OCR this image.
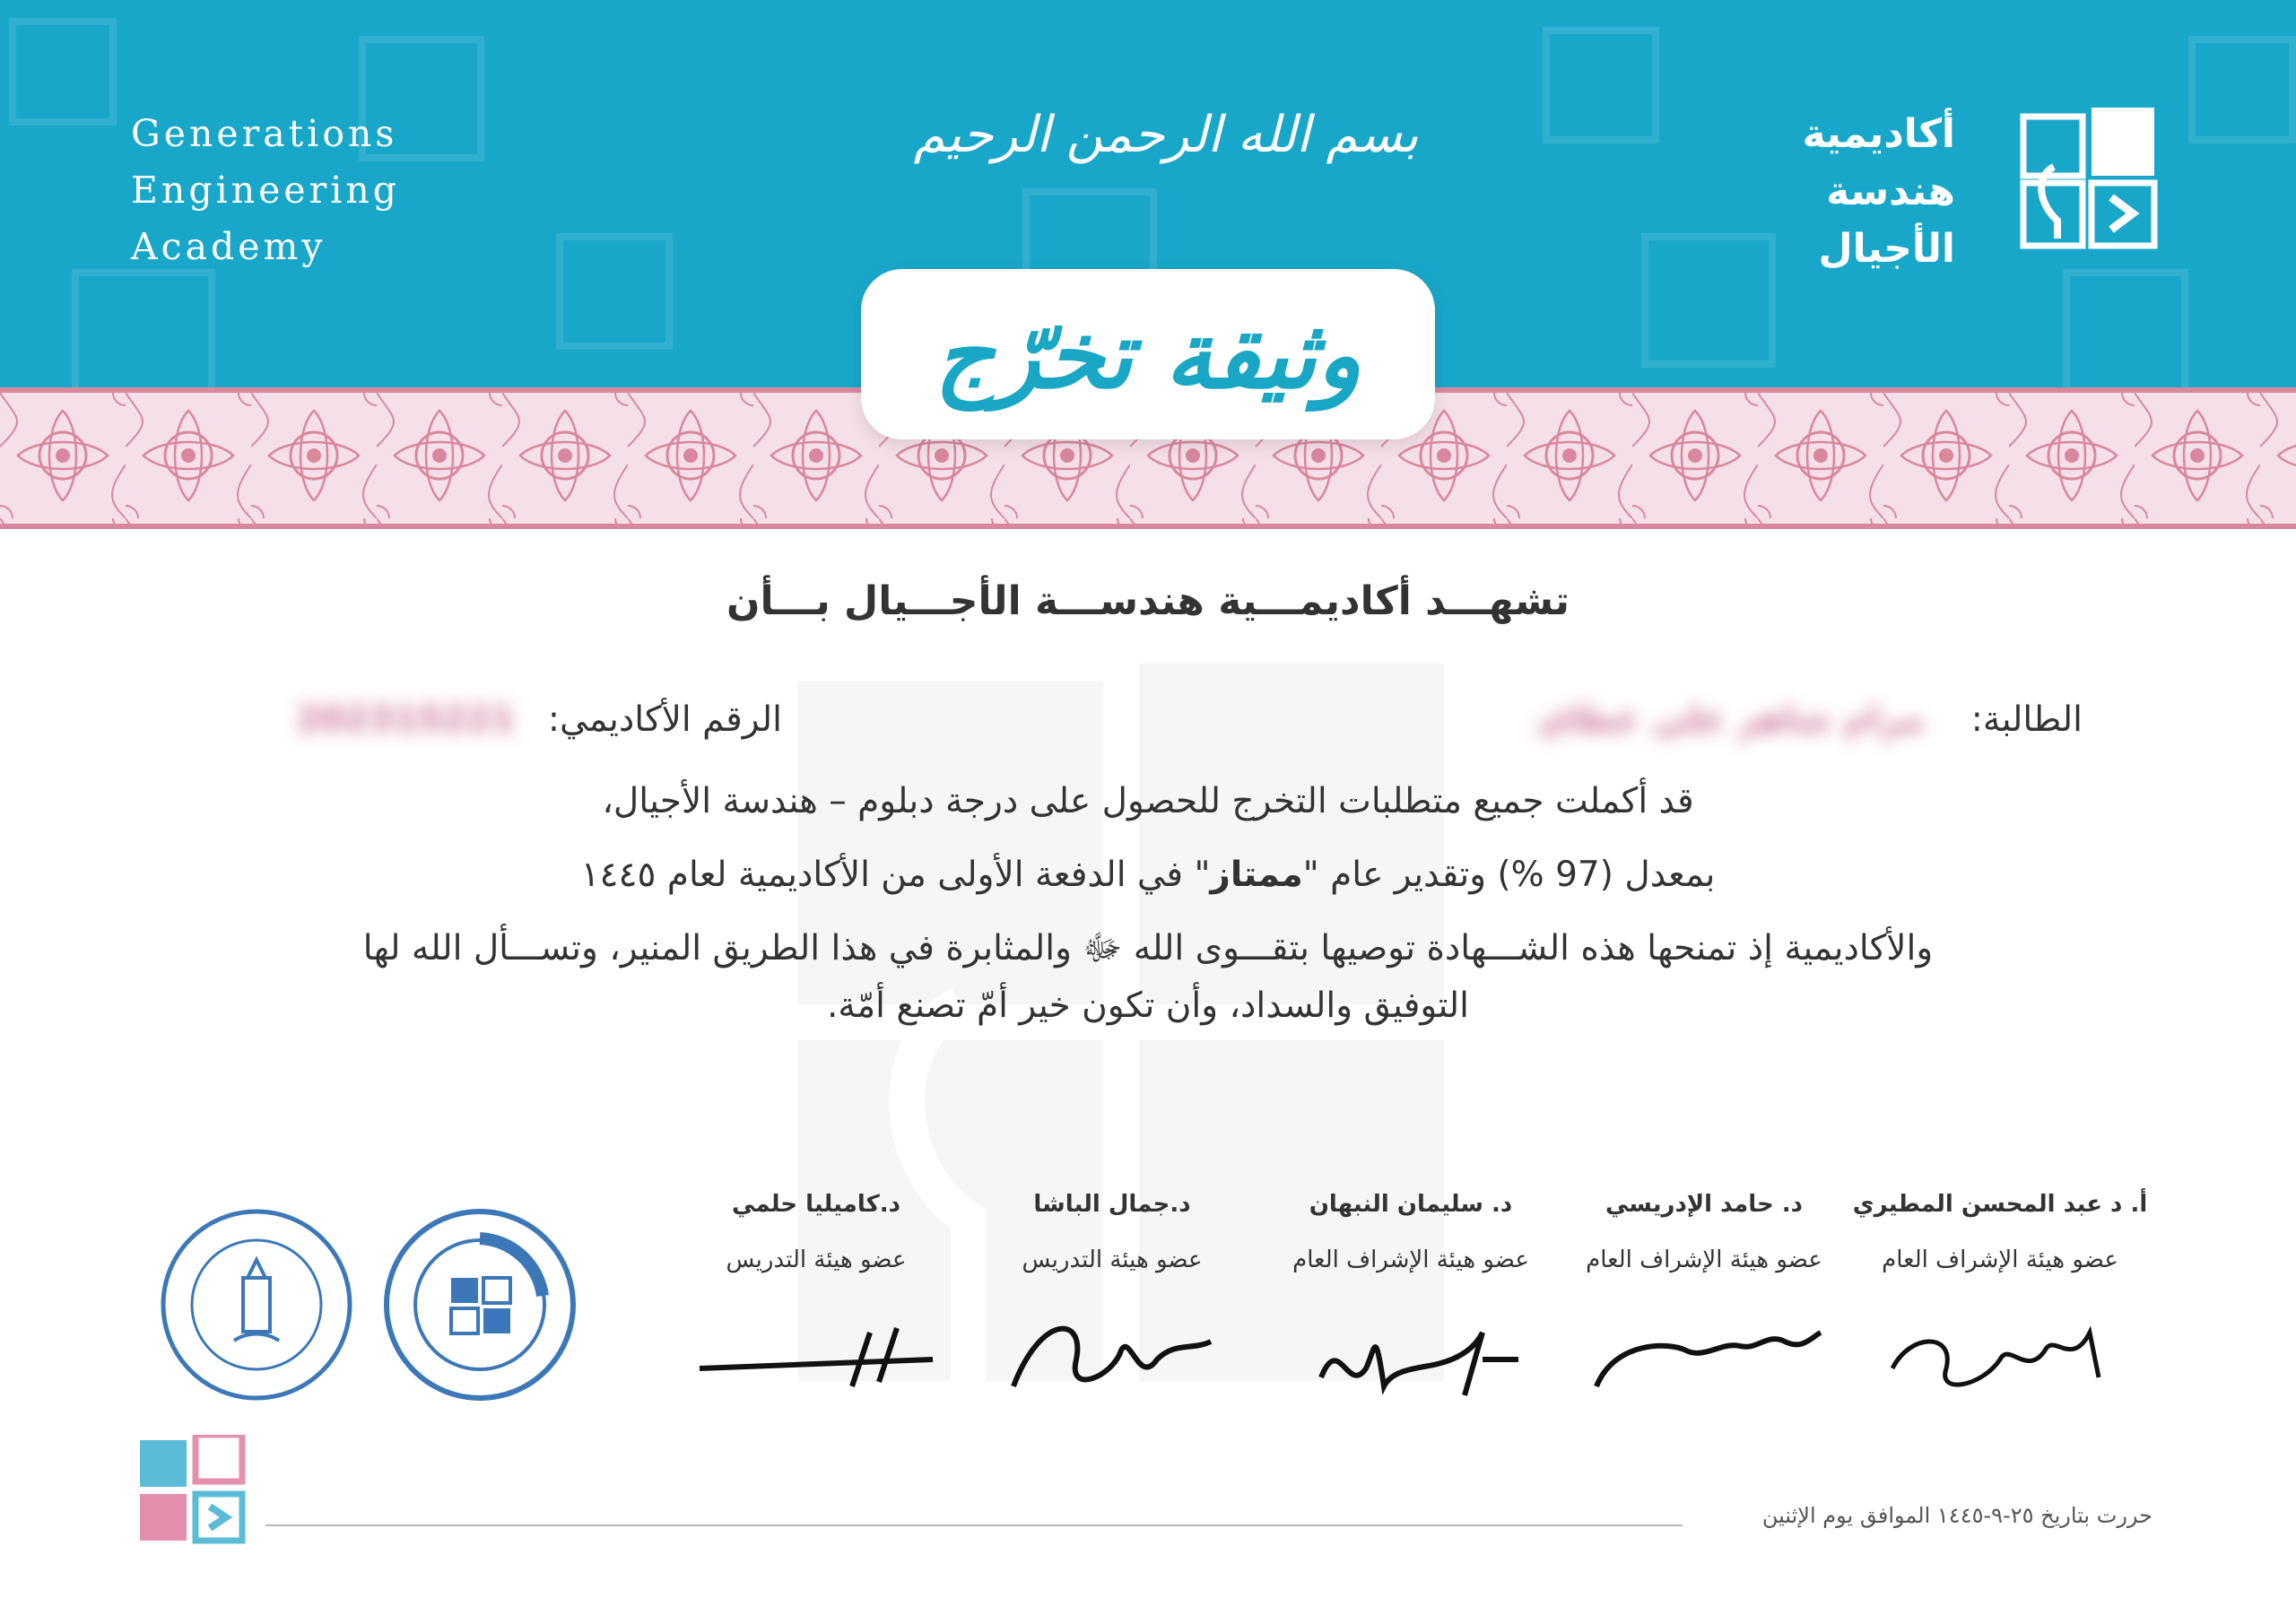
Generations
Engineering
Academy
بسم الله الرحمن الرحيم	أكاديمية
هندسة
الأجيال
وثيقة تخرّج
تشهـــد أكاديمـــية هندســـة الأجـــيال بـــأن
الطالبة: مرام شاهر علي عطاي
الرقم الأكاديمي: 202315221

قد أكملت جميع متطلبات التخرج للحصول على درجة دبلوم – هندسة الأجيال،

بمعدل (97 %) وتقدير عام "ممتاز" في الدفعة الأولى من الأكاديمية لعام ١٤٤٥

والأكاديمية إذ تمنحها هذه الشـــهادة توصيها بتقـــوى الله ﷻ والمثابرة في هذا الطريق المنير، وتســـأل الله لها

التوفيق والسداد، وأن تكون خير أمّ تصنع أمّة.

أ. د عبد المحسن المطيري
عضو هيئة الإشراف العام
د. حامد الإدريسي
عضو هيئة الإشراف العام
د. سليمان النبهان
عضو هيئة الإشراف العام
د.جمال الباشا
عضو هيئة التدريس
د.كاميليا حلمي
عضو هيئة التدريس
حررت بتاريخ ٢٥-٩-١٤٤٥ الموافق يوم الإثنين
